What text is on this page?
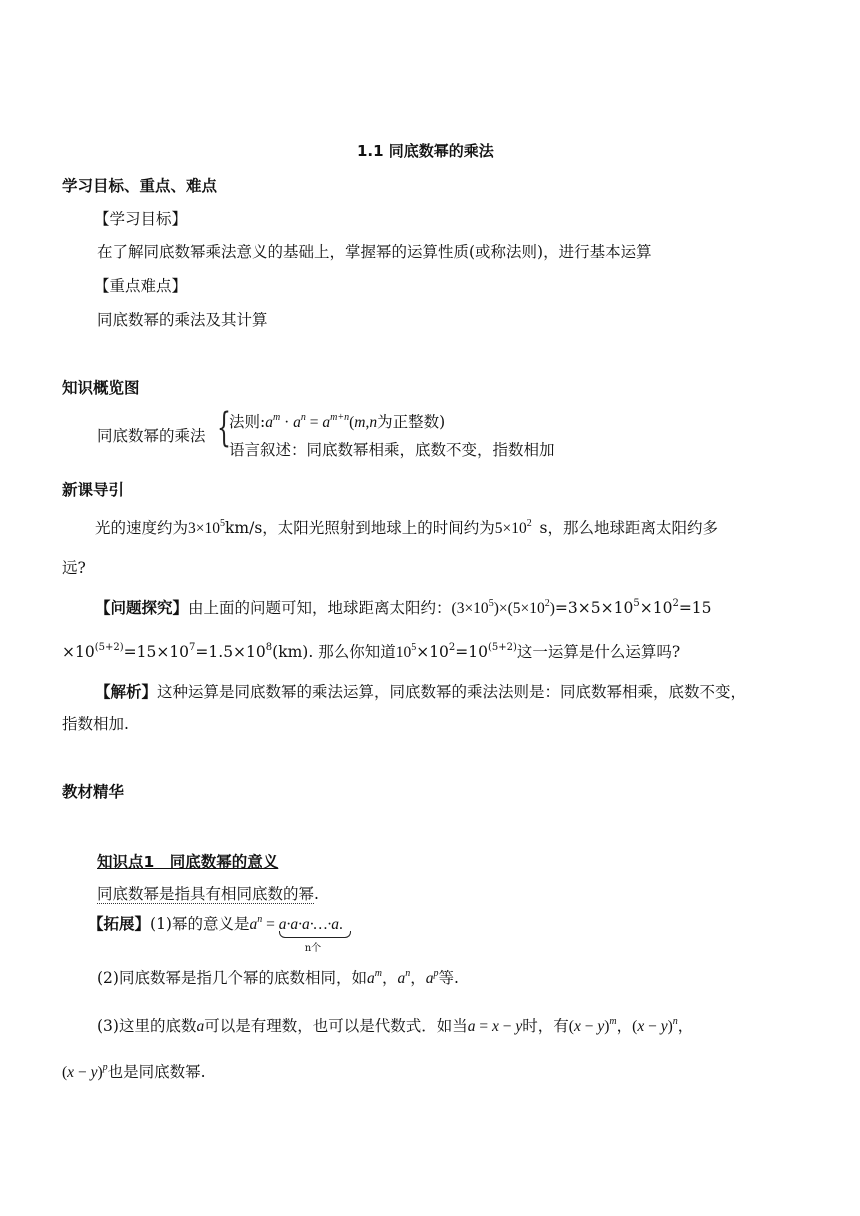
1.1 同底数幂的乘法
学习目标、重点、难点
【学习目标】
在了解同底数幂乘法意义的基础上，掌握幂的运算性质(或称法则)，进行基本运算
【重点难点】
同底数幂的乘法及其计算
知识概览图
同底数幂的乘法 {
法则$:a^m \cdot a^n = a^{m+n}(m,n$为正整数)
语言叙述：同底数幂相乘，底数不变，指数相加
新课导引
光的速度约为$3\times 10^5km/s$，太阳光照射到地球上的时间约为$5\times 10^2$ s，那么地球距离太阳约多
远?
【问题探究】由上面的问题可知，地球距离太阳约：$(3\times 10^5)\times(5\times 10^2)=3\times 5\times 10^5\times 10^2=15$
$\times 10^{(5+2)}=15\times 10^7=1.5\times 10^8(km)$. 那么你知道$10^5\times 10^2=10^{(5+2)}$这一运算是什么运算吗?
【解析】这种运算是同底数幂的乘法运算，同底数幂的乘法法则是：同底数幂相乘，底数不变，
指数相加.
教材精华
知识点1　同底数幂的意义
同底数幂是指具有相同底数的幂.
【拓展】(1)幂的意义是$a^n$ = a·a·a·…·a.
n个
(2)同底数幂是指几个幂的底数相同，如$a^m$，$a^n$，$a^p$等.
(3)这里的底数a可以是有理数，也可以是代数式．如当a = x − y时，有$(x - y)^m$，$(x - y)^n$，
$(x - y)^p$也是同底数幂.
